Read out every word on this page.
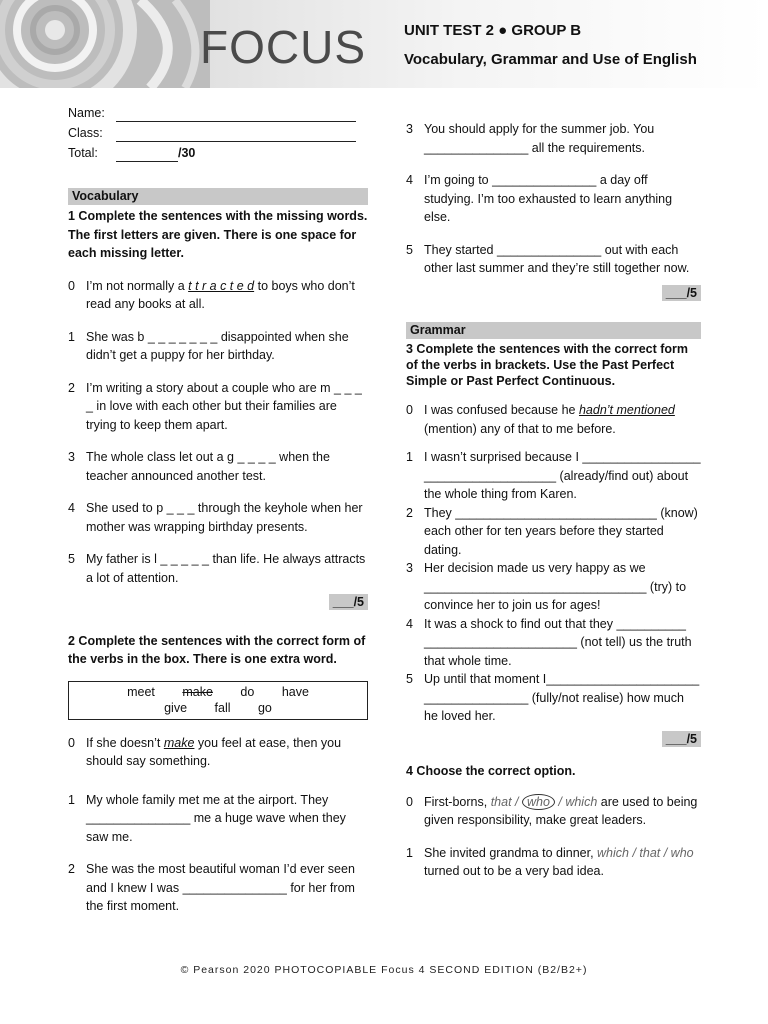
FOCUS	UNIT TEST 2 ● GROUP B
Vocabulary, Grammar and Use of English
Name:
Class:
Total:	/30
Vocabulary
1 Complete the sentences with the missing words. The first letters are given. There is one space for each missing letter.
0 I’m not normally a t t r a c t e d to boys who don’t read any books at all.
1 She was b _ _ _ _ _ _ _ disappointed when she didn’t get a puppy for her birthday.
2 I’m writing a story about a couple who are m _ _ _ _ in love with each other but their families are trying to keep them apart.
3 The whole class let out a g _ _ _ _ when the teacher announced another test.
4 She used to p _ _ _ through the keyhole when her mother was wrapping birthday presents.
5 My father is l _ _ _ _ _ than life. He always attracts a lot of attention.
___/5
2 Complete the sentences with the correct form of the verbs in the box. There is one extra word.
meet make do have
give fall go
0 If she doesn’t make you feel at ease, then you should say something.
1 My whole family met me at the airport. They _______________ me a huge wave when they saw me.
2 She was the most beautiful woman I’d ever seen and I knew I was _______________ for her from the first moment.
3 You should apply for the summer job. You _______________ all the requirements.
4 I’m going to _______________ a day off studying. I’m too exhausted to learn anything else.
5 They started _______________ out with each other last summer and they’re still together now.
___/5
Grammar
3 Complete the sentences with the correct form of the verbs in brackets. Use the Past Perfect Simple or Past Perfect Continuous.
0 I was confused because he hadn’t mentioned (mention) any of that to me before.
1 I wasn’t surprised because I _________________ ___________________ (already/find out) about the whole thing from Karen.
2 They _____________________________ (know) each other for ten years before they started dating.
3 Her decision made us very happy as we ________________________________ (try) to convince her to join us for ages!
4 It was a shock to find out that they __________ ______________________ (not tell) us the truth that whole time.
5 Up until that moment I______________________ _______________ (fully/not realise) how much he loved her.
___/5
4 Choose the correct option.
0 First-borns, that / who / which are used to being given responsibility, make great leaders.
1 She invited grandma to dinner, which / that / who turned out to be a very bad idea.
© Pearson 2020 PHOTOCOPIABLE Focus 4 SECOND EDITION (B2/B2+)
